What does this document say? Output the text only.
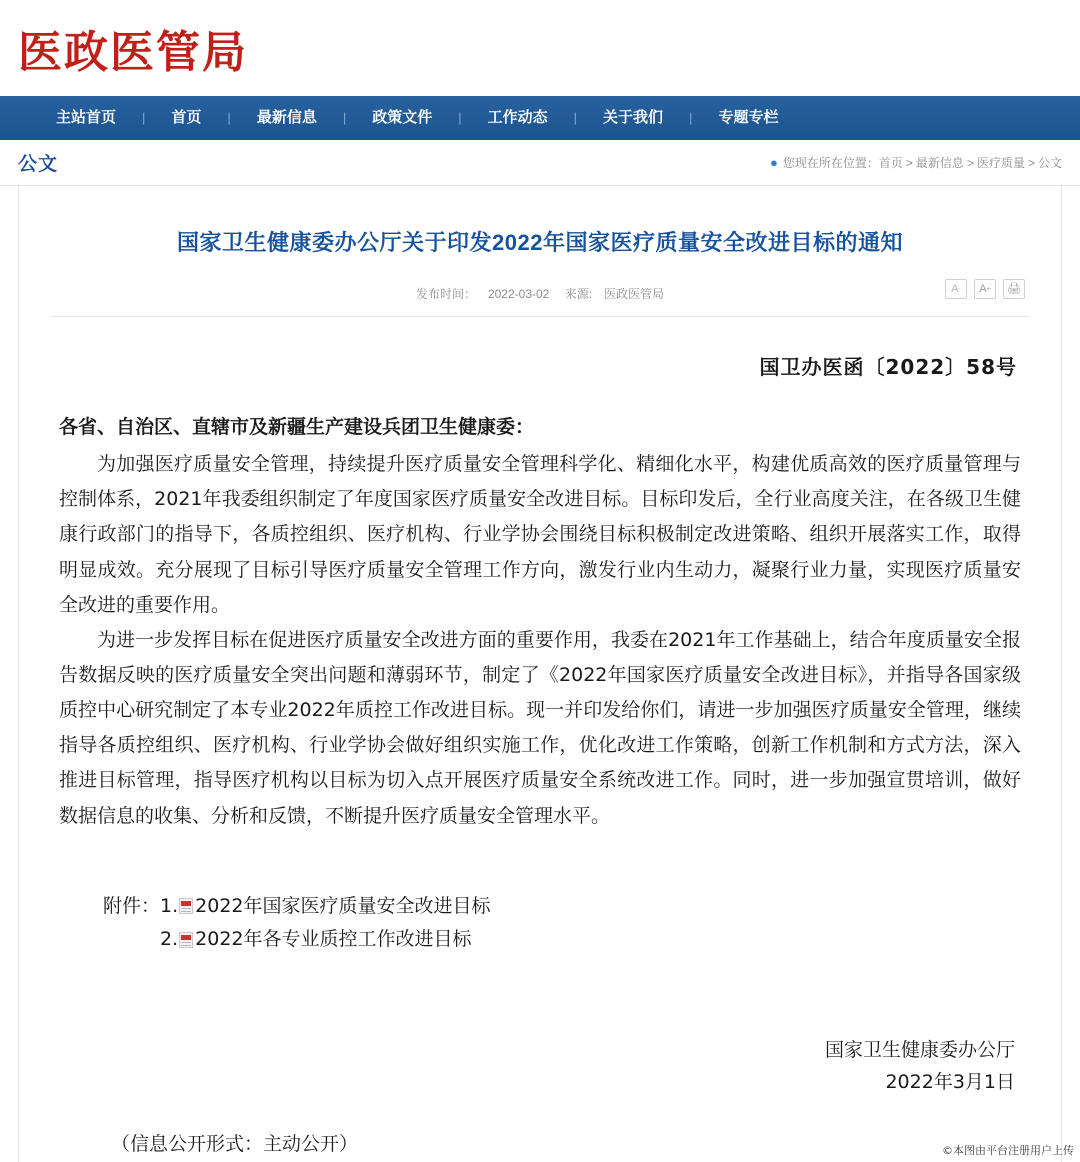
医政医管局
主站首页	|	首页	|	最新信息	|	政策文件	|	工作动态	|	关于我们	|	专题专栏
公文	● 您现在所在位置： 首页 > 最新信息 > 医疗质量 > 公文
国家卫生健康委办公厅关于印发2022年国家医疗质量安全改进目标的通知
发布时间： 2022-03-02 来源: 医政医管局	A - A +	🖨
国卫办医函〔2022〕58号
各省、自治区、直辖市及新疆生产建设兵团卫生健康委：

为加强医疗质量安全管理，持续提升医疗质量安全管理科学化、精细化水平，构建优质高效的医疗质量管理与控制体系，2021年我委组织制定了年度国家医疗质量安全改进目标。目标印发后，全行业高度关注，在各级卫生健康行政部门的指导下，各质控组织、医疗机构、行业学协会围绕目标积极制定改进策略、组织开展落实工作，取得明显成效。充分展现了目标引导医疗质量安全管理工作方向，激发行业内生动力，凝聚行业力量，实现医疗质量安全改进的重要作用。

为进一步发挥目标在促进医疗质量安全改进方面的重要作用，我委在2021年工作基础上，结合年度质量安全报告数据反映的医疗质量安全突出问题和薄弱环节，制定了《2022年国家医疗质量安全改进目标》，并指导各国家级质控中心研究制定了本专业2022年质控工作改进目标。现一并印发给你们，请进一步加强医疗质量安全管理，继续指导各质控组织、医疗机构、行业学协会做好组织实施工作，优化改进工作策略，创新工作机制和方式方法，深入推进目标管理，指导医疗机构以目标为切入点开展医疗质量安全系统改进工作。同时，进一步加强宣贯培训，做好数据信息的收集、分析和反馈，不断提升医疗质量安全管理水平。

附件： 1. 2022年国家医疗质量安全改进目标
2. 2022年各专业质控工作改进目标
国家卫生健康委办公厅
2022年3月1日
（信息公开形式：主动公开）	©本图由平台注册用户上传
